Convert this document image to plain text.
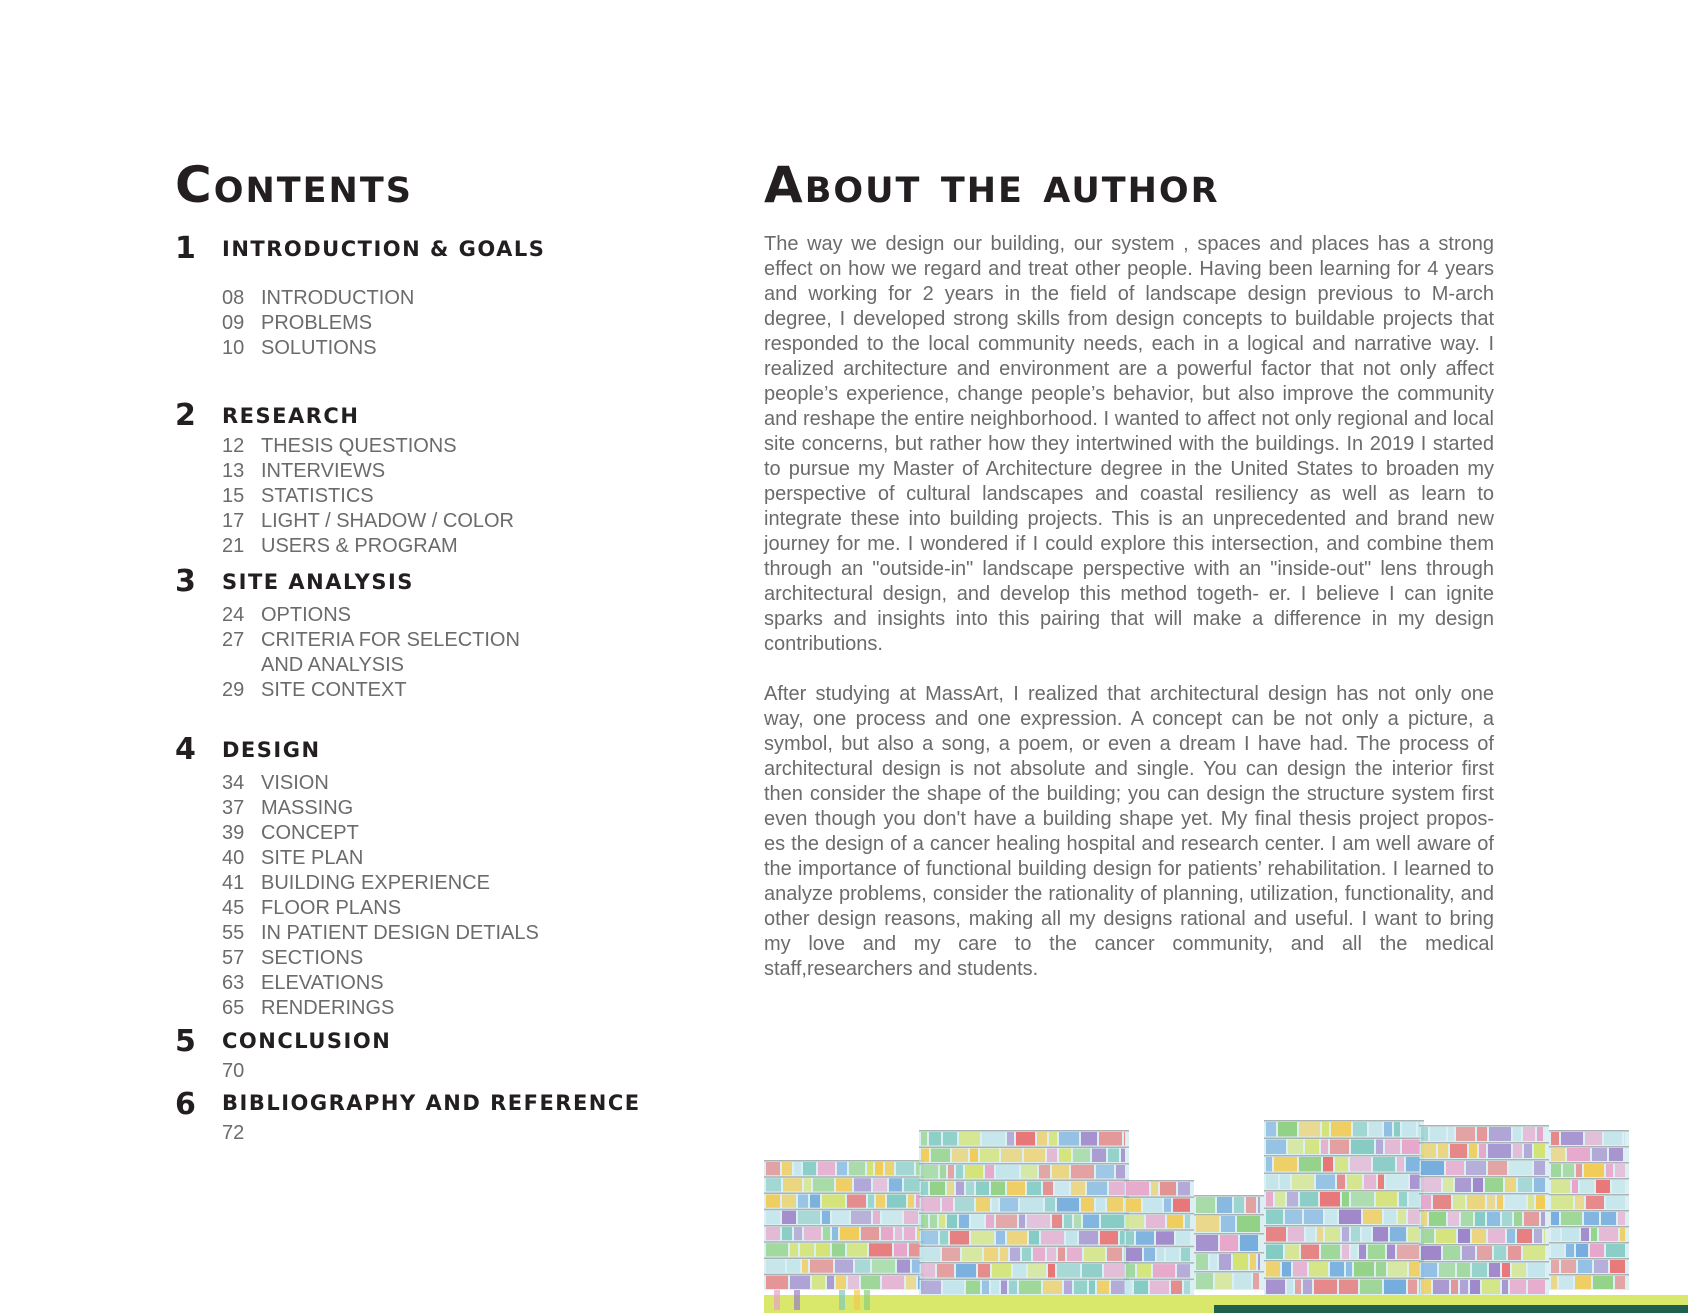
Contents
1 INTRODUCTION & GOALS
08 INTRODUCTION
09 PROBLEMS
10 SOLUTIONS
2 RESEARCH
12 THESIS QUESTIONS
13 INTERVIEWS
15 STATISTICS
17 LIGHT / SHADOW / COLOR
21 USERS & PROGRAM
3 SITE ANALYSIS
24 OPTIONS
27 CRITERIA FOR SELECTION
AND ANALYSIS
29 SITE CONTEXT
4 DESIGN
34 VISION
37 MASSING
39 CONCEPT
40 SITE PLAN
41 BUILDING EXPERIENCE
45 FLOOR PLANS
55 IN PATIENT DESIGN DETIALS
57 SECTIONS
63 ELEVATIONS
65 RENDERINGS
5 CONCLUSION
70
6 BIBLIOGRAPHY AND REFERENCE
72
About the author

The way we design our building, our system , spaces and places has a strong effect on how we regard and treat other people. Having been learning for 4 years and working for 2 years in the field of landscape design previous to M-arch degree, I developed strong skills from design concepts to buildable projects that responded to the local community needs, each in a logical and narrative way. I realized architecture and environment are a powerful factor that not only affect people’s experience, change people’s behavior, but also improve the community and reshape the entire neighborhood. I wanted to affect not only regional and local site concerns, but rather how they intertwined with the buildings. In 2019 I started to pursue my Master of Architecture degree in the United States to broaden my perspective of cultural landscapes and coastal resiliency as well as learn to integrate these into building projects. This is an unprecedented and brand new journey for me. I wondered if I could explore this intersection, and combine them through an "outside-in" landscape perspective with an "inside-out" lens through architectural design, and develop this method togeth- er. I believe I can ignite sparks and insights into this pairing that will make a difference in my design contributions.

After studying at MassArt, I realized that architectural design has not only one way, one process and one expression. A concept can be not only a picture, a symbol, but also a song, a poem, or even a dream I have had. The process of architectural design is not absolute and single. You can design the interior first then consider the shape of the building; you can design the structure system first even though you don't have a building shape yet. My final thesis project propos- es the design of a cancer healing hospital and research center. I am well aware of the importance of functional building design for patients’ rehabilitation. I learned to analyze problems, consider the rationality of planning, utilization, functionality, and other design reasons, making all my designs rational and useful. I want to bring my love and my care to the cancer community, and all the medical staff,researchers and students.
